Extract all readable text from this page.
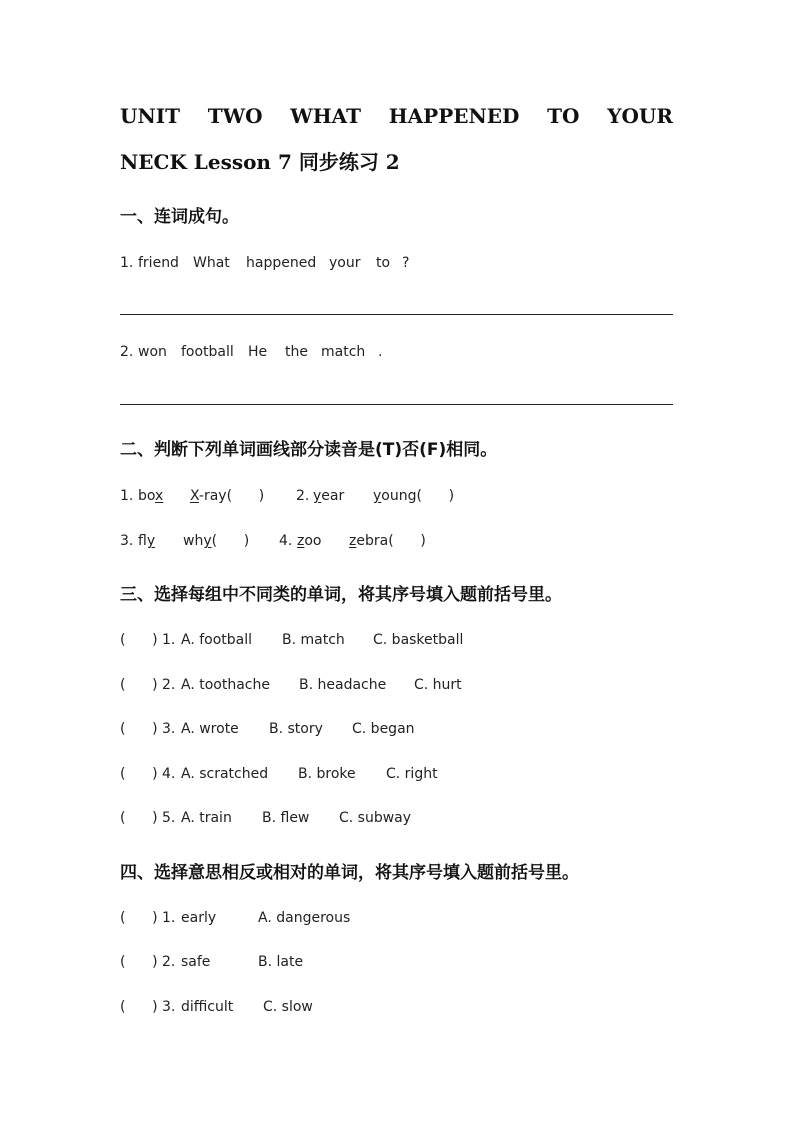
UNIT TWO WHAT HAPPENED TO YOUR
NECK Lesson 7 同步练习 2
一、连词成句。
1. friend What happened your to ?
2. won football He the match .
二、判断下列单词画线部分读音是(T)否(F)相同。
1. box X-ray(      ) 2. year young(      )
3. fly why(      ) 4. zoo zebra(      )
三、选择每组中不同类的单词，将其序号填入题前括号里。
(      ) 1. A. football B. match C. basketball
(      ) 2. A. toothache B. headache C. hurt
(      ) 3. A. wrote B. story C. began
(      ) 4. A. scratched B. broke C. right
(      ) 5. A. train B. flew C. subway
四、选择意思相反或相对的单词，将其序号填入题前括号里。
(      ) 1. early	A. dangerous
(      ) 2. safe	B. late
(      ) 3. difficult C. slow
